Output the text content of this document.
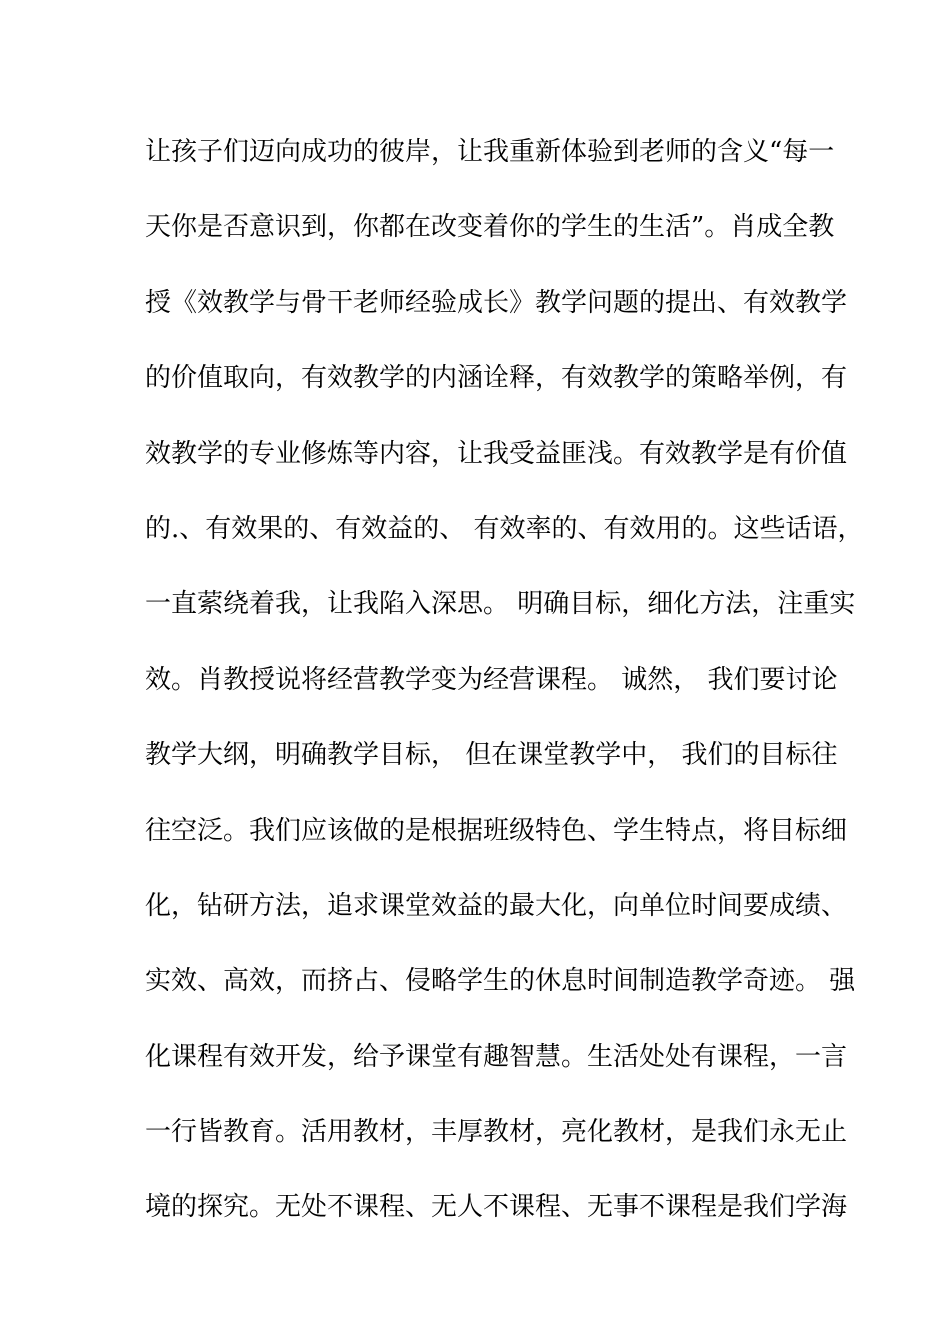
让孩子们迈向成功的彼岸，让我重新体验到老师的含义“每一
天你是否意识到，你都在改变着你的学生的生活”。肖成全教
授《效教学与骨干老师经验成长》教学问题的提出、有效教学
的价值取向，有效教学的内涵诠释，有效教学的策略举例，有
效教学的专业修炼等内容，让我受益匪浅。有效教学是有价值
的.、有效果的、有效益的、 有效率的、有效用的。这些话语，
一直萦绕着我，让我陷入深思。 明确目标，细化方法，注重实
效。肖教授说将经营教学变为经营课程。 诚然， 我们要讨论
教学大纲，明确教学目标， 但在课堂教学中， 我们的目标往
往空泛。我们应该做的是根据班级特色、学生特点，将目标细
化，钻研方法，追求课堂效益的最大化，向单位时间要成绩、
实效、高效，而挤占、侵略学生的休息时间制造教学奇迹。 强
化课程有效开发，给予课堂有趣智慧。生活处处有课程，一言
一行皆教育。活用教材，丰厚教材，亮化教材，是我们永无止
境的探究。无处不课程、无人不课程、无事不课程是我们学海
